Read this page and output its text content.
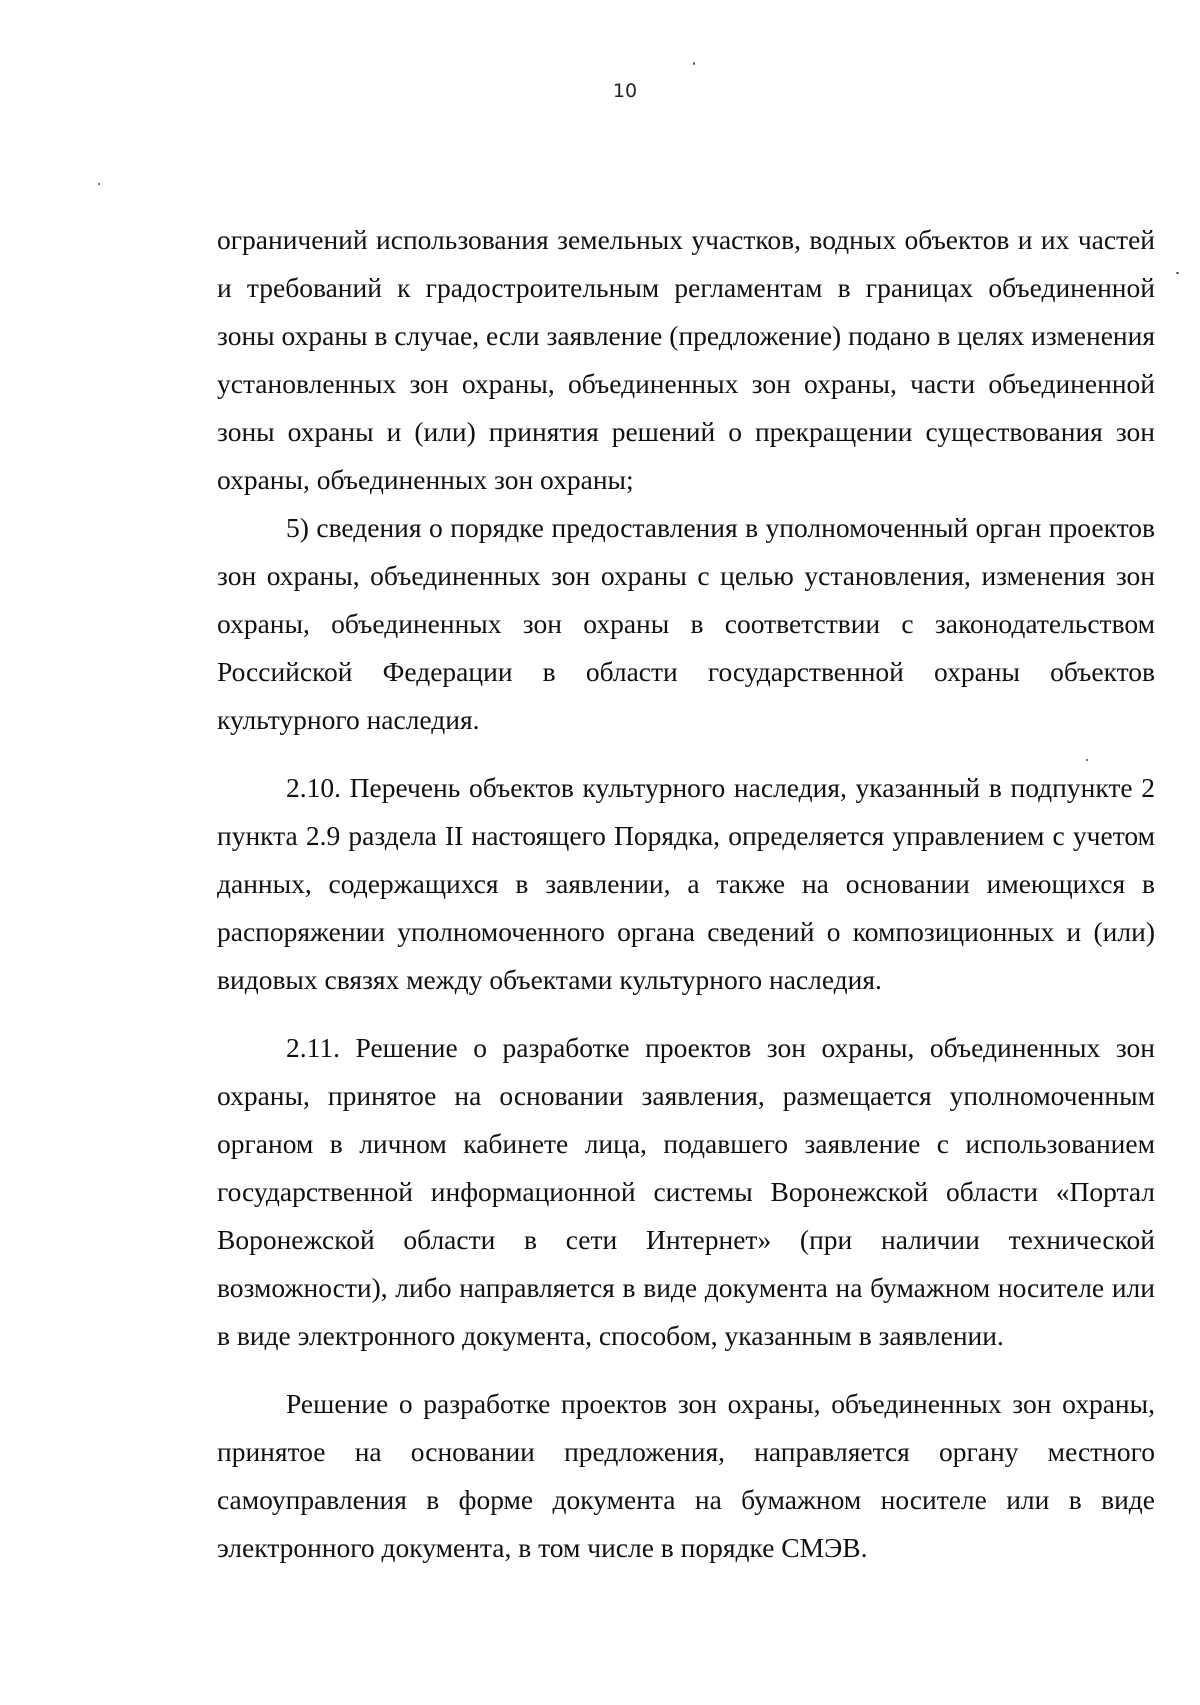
10

ограничений использования земельных участков, водных объектов и их частей и требований к градостроительным регламентам в границах объединенной зоны охраны в случае, если заявление (предложение) подано в целях изменения установленных зон охраны, объединенных зон охраны, части объединенной зоны охраны и (или) принятия решений о прекращении существования зон охраны, объединенных зон охраны;

5) сведения о порядке предоставления в уполномоченный орган проектов зон охраны, объединенных зон охраны с целью установления, изменения зон охраны, объединенных зон охраны в соответствии с законодательством Российской Федерации в области государственной охраны объектов культурного наследия.

2.10. Перечень объектов культурного наследия, указанный в подпункте 2 пункта 2.9 раздела II настоящего Порядка, определяется управлением с учетом данных, содержащихся в заявлении, а также на основании имеющихся в распоряжении уполномоченного органа сведений о композиционных и (или) видовых связях между объектами культурного наследия.

2.11. Решение о разработке проектов зон охраны, объединенных зон охраны, принятое на основании заявления, размещается уполномоченным органом в личном кабинете лица, подавшего заявление с использованием государственной информационной системы Воронежской области «Портал Воронежской области в сети Интернет» (при наличии технической возможности), либо направляется в виде документа на бумажном носителе или в виде электронного документа, способом, указанным в заявлении.

Решение о разработке проектов зон охраны, объединенных зон охраны, принятое на основании предложения, направляется органу местного самоуправления в форме документа на бумажном носителе или в виде электронного документа, в том числе в порядке СМЭВ.
